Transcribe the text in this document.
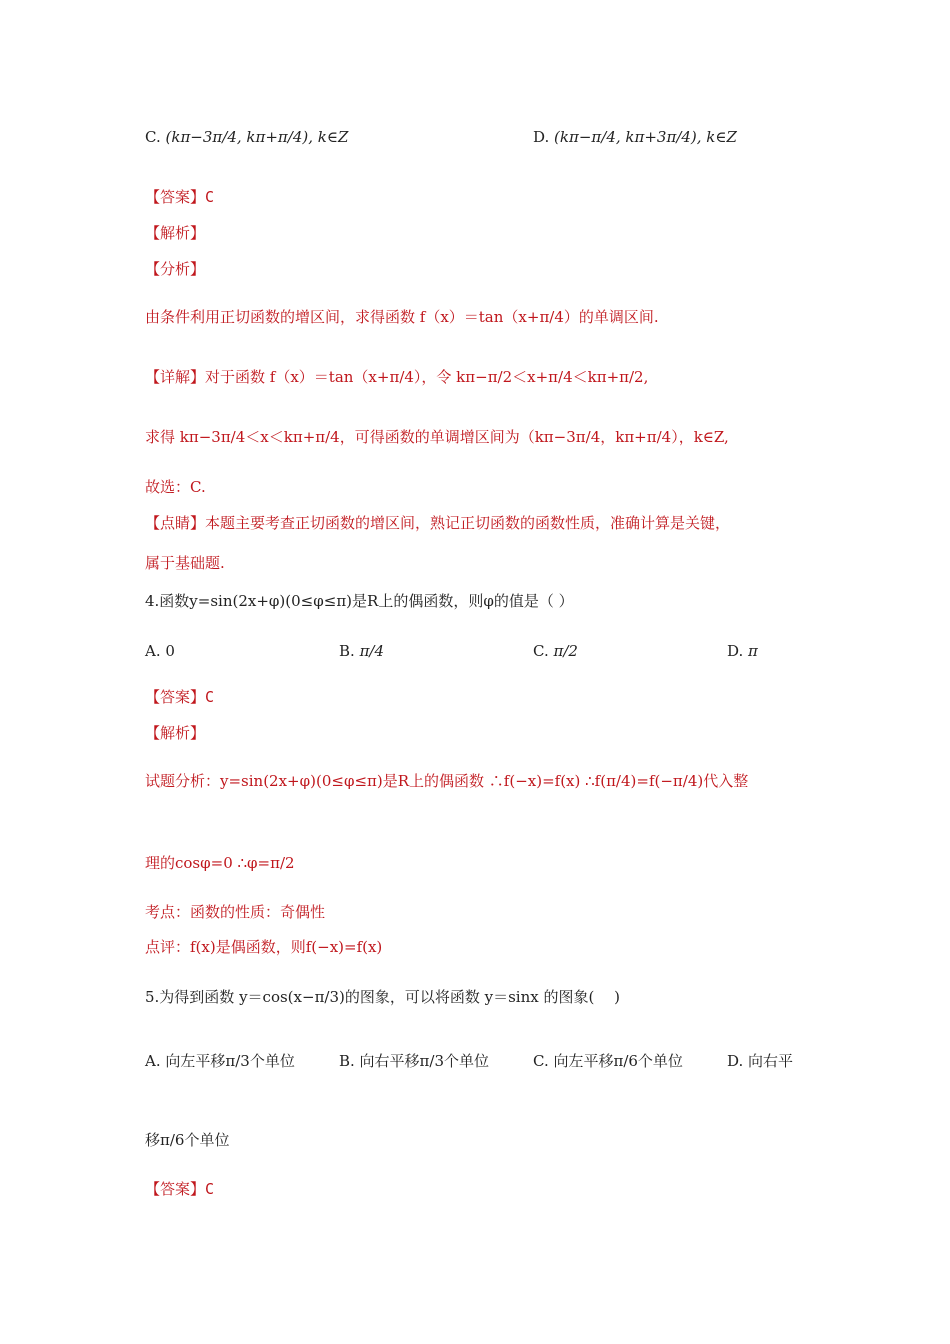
C. (kπ−3π/4, kπ+π/4), k∈Z	D. (kπ−π/4, kπ+3π/4), k∈Z
【答案】C
【解析】
【分析】
由条件利用正切函数的增区间，求得函数 f（x）＝tan（x+π/4）的单调区间.
【详解】对于函数 f（x）＝tan（x+π/4），令 kπ−π/2＜x+π/4＜kπ+π/2,
求得 kπ−3π/4＜x＜kπ+π/4，可得函数的单调增区间为（kπ−3π/4，kπ+π/4），k∈Z,
故选：C.
【点睛】本题主要考查正切函数的增区间，熟记正切函数的函数性质，准确计算是关键，
属于基础题.
4.函数y=sin(2x+φ)(0≤φ≤π)是R上的偶函数，则φ的值是（ ）
A. 0	B. π/4	C. π/2	D. π
【答案】C
【解析】
试题分析：y=sin(2x+φ)(0≤φ≤π)是R上的偶函数 ∴f(−x)=f(x) ∴f(π/4)=f(−π/4)代入整
理的cosφ=0 ∴φ=π/2
考点：函数的性质：奇偶性
点评：f(x)是偶函数，则f(−x)=f(x)
5.为得到函数 y＝cos(x−π/3)的图象，可以将函数 y＝sinx 的图象(　 )
A. 向左平移π/3个单位	B. 向右平移π/3个单位	C. 向左平移π/6个单位	D. 向右平
移π/6个单位
【答案】C
